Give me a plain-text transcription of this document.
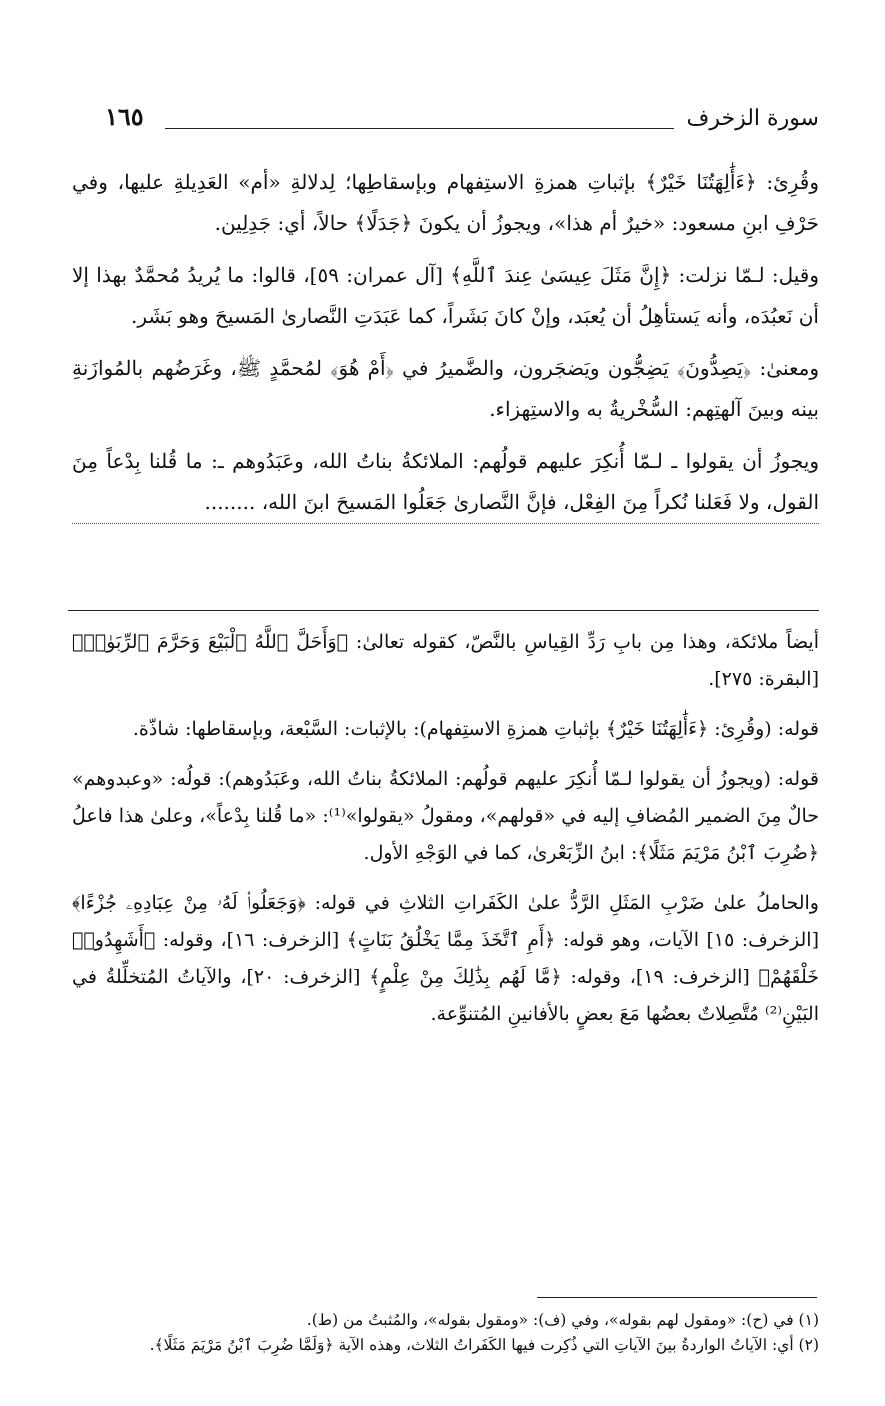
سورة الزخرف
١٦٥

وقُرِئ: ﴿ءَأَٰلِهَتُنَا خَيْرٌ﴾ بإثباتِ همزةِ الاستِفهام وبإسقاطِها؛ لِدلالةِ «أم» العَدِيلةِ عليها، وفي حَرْفِ ابنِ مسعود: «خيرٌ أم هذا»، ويجوزُ أن يكونَ ﴿جَدَلًا﴾ حالاً، أي: جَدِلِين.

وقيل: لـمّا نزلت: ﴿إِنَّ مَثَلَ عِيسَىٰ عِندَ ٱللَّهِ﴾ [آل عمران: ٥٩]، قالوا: ما يُريدُ مُحمَّدٌ بهذا إلا أن نَعبُدَه، وأنه يَستأهِلُ أن يُعبَد، وإنْ كانَ بَشَراً، كما عَبَدَتِ النَّصارىٰ المَسيحَ وهو بَشَر.

ومعنىٰ: ﴿يَصِدُّونَ﴾ يَضِجُّون ويَضجَرون، والضَّميرُ في ﴿أَمْ هُوَ﴾ لمُحمَّدٍ ﷺ، وغَرَضُهم بالمُوازَنةِ بينه وبينَ آلهتِهم: السُّخْريةُ به والاستِهزاء.

ويجوزُ أن يقولوا ـ لـمّا أُنكِرَ عليهم قولُهم: الملائكةُ بناتُ الله، وعَبَدُوهم ـ: ما قُلنا بِدْعاً مِنَ القول، ولا فَعَلنا نُكراً مِنَ الفِعْل، فإنَّ النَّصارىٰ جَعَلُوا المَسيحَ ابنَ الله، ........

أيضاً ملائكة، وهذا مِن بابِ رَدِّ القِياسِ بالنَّصّ، كقوله تعالىٰ: ﴿وَأَحَلَّ ٱللَّهُ ٱلْبَيْعَ وَحَرَّمَ ٱلرِّبَوٰا۟﴾ [البقرة: ٢٧٥].

قوله: (وقُرِئ: ﴿ءَأَٰلِهَتُنَا خَيْرٌ﴾ بإثباتِ همزةِ الاستِفهام): بالإثبات: السَّبْعة، وبإسقاطها: شاذّة.

قوله: (ويجوزُ أن يقولوا لـمّا أُنكِرَ عليهم قولُهم: الملائكةُ بناتُ الله، وعَبَدُوهم): قولُه: «وعبدوهم» حالٌ مِنَ الضمير المُضافِ إليه في «قولهم»، ومقولُ «يقولوا»⁽¹⁾: «ما قُلنا بِدْعاً»، وعلىٰ هذا فاعلُ ﴿ضُرِبَ ٱبْنُ مَرْيَمَ مَثَلًا﴾: ابنُ الزِّبَعْرىٰ، كما في الوَجْهِ الأول.

والحاملُ علىٰ ضَرْبِ المَثَلِ الرَّدُّ علىٰ الكَفَراتِ الثلاثِ في قوله: ﴿وَجَعَلُوا۟ لَهُۥ مِنْ عِبَادِهِۦ جُزْءًا﴾ [الزخرف: ١٥] الآيات، وهو قوله: ﴿أَمِ ٱتَّخَذَ مِمَّا يَخْلُقُ بَنَاتٍ﴾ [الزخرف: ١٦]، وقوله: ﴿أَشَهِدُوا۟ خَلْقَهُمْ﴾ [الزخرف: ١٩]، وقوله: ﴿مَّا لَهُم بِذَٰلِكَ مِنْ عِلْمٍ﴾ [الزخرف: ٢٠]، والآياتُ المُتخلِّلةُ في البَيْنِ⁽²⁾ مُتَّصِلاتٌ بعضُها مَعَ بعضٍ بالأفانينِ المُتنوِّعة.

(١) في (ح): «ومقول لهم بقوله»، وفي (ف): «ومقول بقوله»، والمُثبتُ من (ط).

(٢) أي: الآياتُ الواردةُ بينَ الآياتِ التي ذُكِرت فيها الكَفَراتُ الثلاث، وهذه الآية ﴿وَلَمَّا ضُرِبَ ٱبْنُ مَرْيَمَ مَثَلًا﴾.
